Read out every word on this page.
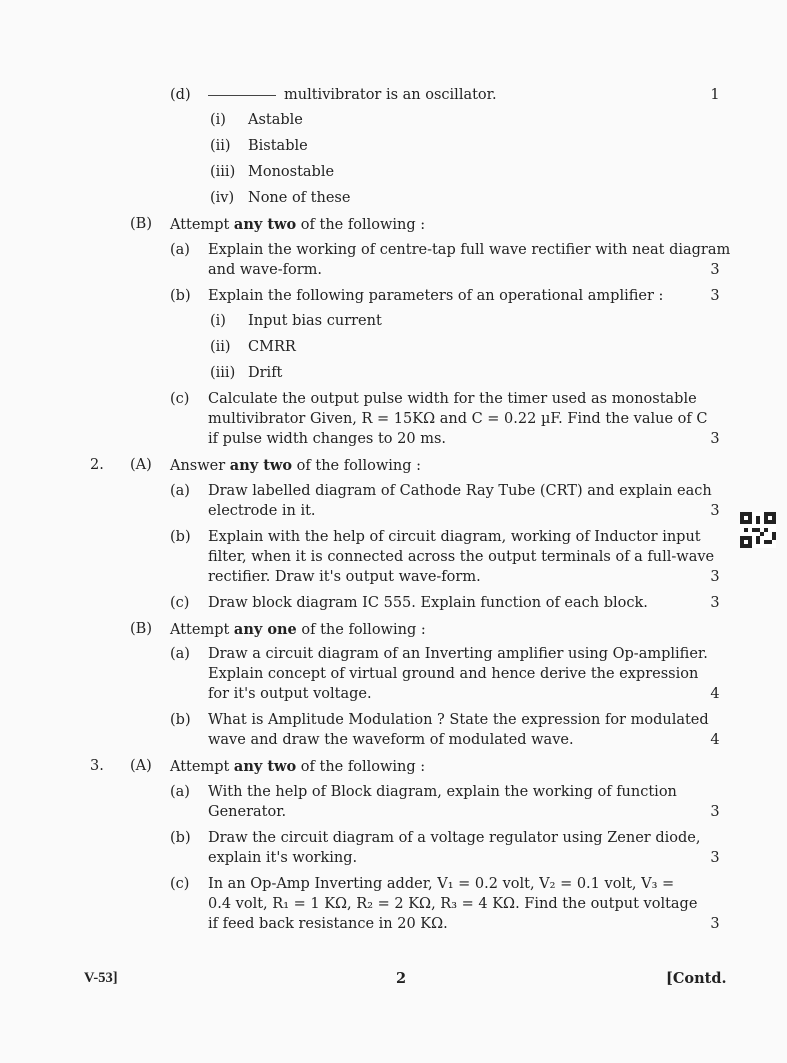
(d)	multivibrator is an oscillator.	1
(i) Astable
(ii) Bistable
(iii) Monostable
(iv) None of these
(B) Attempt any two of the following :
(a) Explain the working of centre-tap full wave rectifier with neat diagram
and wave-form.	3
(b) Explain the following parameters of an operational amplifier :	3
(i) Input bias current
(ii) CMRR
(iii) Drift
(c) Calculate the output pulse width for the timer used as monostable
multivibrator Given, R = 15KΩ and C = 0.22 µF. Find the value of C
if pulse width changes to 20 ms.	3
2. (A) Answer any two of the following :
(a) Draw labelled diagram of Cathode Ray Tube (CRT) and explain each
electrode in it.	3
(b) Explain with the help of circuit diagram, working of Inductor input
filter, when it is connected across the output terminals of a full-wave
rectifier. Draw it's output wave-form.	3
(c) Draw block diagram IC 555. Explain function of each block.	3
(B) Attempt any one of the following :
(a) Draw a circuit diagram of an Inverting amplifier using Op-amplifier.
Explain concept of virtual ground and hence derive the expression
for it's output voltage.	4
(b) What is Amplitude Modulation ? State the expression for modulated
wave and draw the waveform of modulated wave.	4
3. (A) Attempt any two of the following :
(a) With the help of Block diagram, explain the working of function
Generator.	3
(b) Draw the circuit diagram of a voltage regulator using Zener diode,
explain it's working.	3
(c) In an Op-Amp Inverting adder, V₁ = 0.2 volt, V₂ = 0.1 volt, V₃ =
0.4 volt, R₁ = 1 KΩ, R₂ = 2 KΩ, R₃ = 4 KΩ. Find the output voltage
if feed back resistance in 20 KΩ.	3
V-53]	2	[Contd.
